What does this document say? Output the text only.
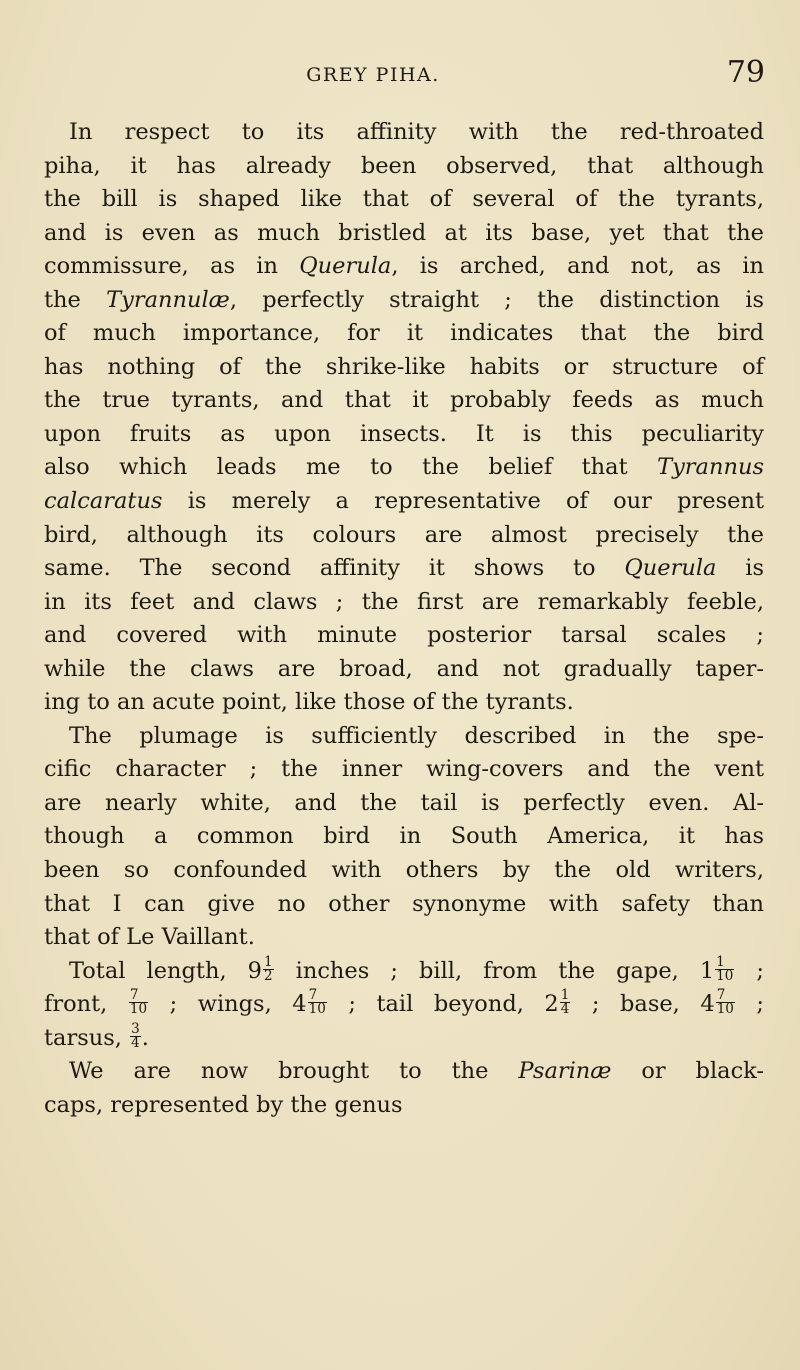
GREY PIHA.	79
In respect to its affinity with the red-throated
piha, it has already been observed, that although
the bill is shaped like that of several of the tyrants,
and is even as much bristled at its base, yet that the
commissure, as in Querula, is arched, and not, as in
the Tyrannulæ, perfectly straight ; the distinction is
of much importance, for it indicates that the bird
has nothing of the shrike-like habits or structure of
the true tyrants, and that it probably feeds as much
upon fruits as upon insects. It is this peculiarity
also which leads me to the belief that Tyrannus
calcaratus is merely a representative of our present
bird, although its colours are almost precisely the
same. The second affinity it shows to Querula is
in its feet and claws ; the first are remarkably feeble,
and covered with minute posterior tarsal scales ;
while the claws are broad, and not gradually taper-
ing to an acute point, like those of the tyrants.
The plumage is sufficiently described in the spe-
cific character ; the inner wing-covers and the vent
are nearly white, and the tail is perfectly even. Al-
though a common bird in South America, it has
been so confounded with others by the old writers,
that I can give no other synonyme with safety than
that of Le Vaillant.
Total length, $9 \frac{1}{2}$ inches ; bill, from the gape, $1 \frac{1}{10}$ ;
front, $\frac{7}{10}$ ; wings, $4 \frac{7}{10}$ ; tail beyond, $2 \frac{1}{4}$ ; base, $4 \frac{7}{10}$ ;
tarsus, $\frac{3}{4}$ .
We are now brought to the Psarinæ or black-
caps, represented by the genus
